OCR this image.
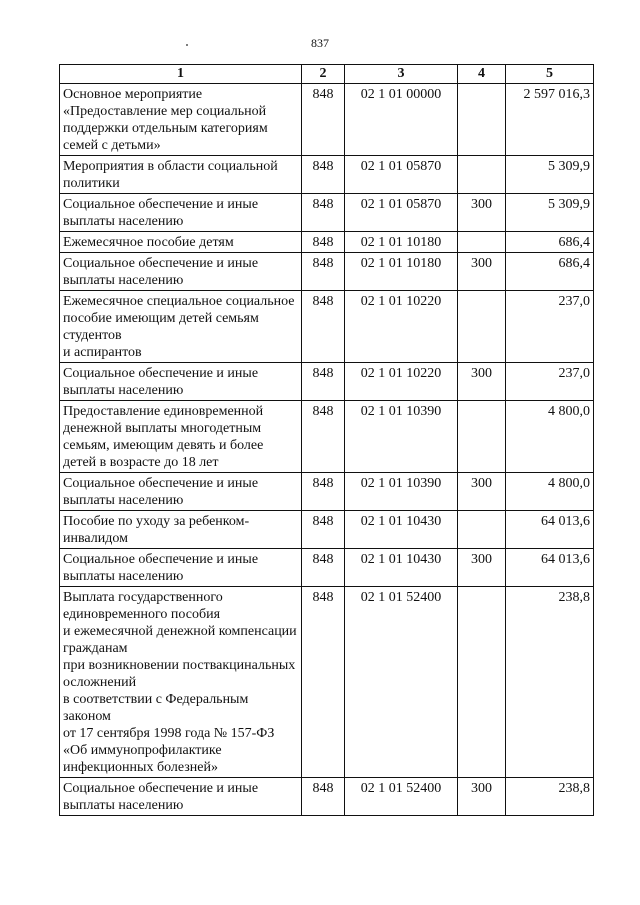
837
1	2	3	4	5
Основное мероприятие «Предоставление мер социальной поддержки отдельным категориям семей с детьми»	848	02 1 01 00000		2 597 016,3
Мероприятия в области социальной политики	848	02 1 01 05870		5 309,9
Социальное обеспечение и иные выплаты населению	848	02 1 01 05870	300	5 309,9
Ежемесячное пособие детям	848	02 1 01 10180		686,4
Социальное обеспечение и иные выплаты населению	848	02 1 01 10180	300	686,4
Ежемесячное специальное социальное пособие имеющим детей семьям студентов
и аспирантов	848	02 1 01 10220		237,0
Социальное обеспечение и иные выплаты населению	848	02 1 01 10220	300	237,0
Предоставление единовременной денежной выплаты многодетным семьям, имеющим девять и более детей в возрасте до 18 лет	848	02 1 01 10390		4 800,0
Социальное обеспечение и иные выплаты населению	848	02 1 01 10390	300	4 800,0
Пособие по уходу за ребенком-инвалидом	848	02 1 01 10430		64 013,6
Социальное обеспечение и иные выплаты населению	848	02 1 01 10430	300	64 013,6
Выплата государственного единовременного пособия
и ежемесячной денежной компенсации гражданам
при возникновении поствакцинальных осложнений
в соответствии с Федеральным законом
от 17 сентября 1998 года № 157-ФЗ «Об иммунопрофилактике инфекционных болезней»	848	02 1 01 52400		238,8
Социальное обеспечение и иные выплаты населению	848	02 1 01 52400	300	238,8
